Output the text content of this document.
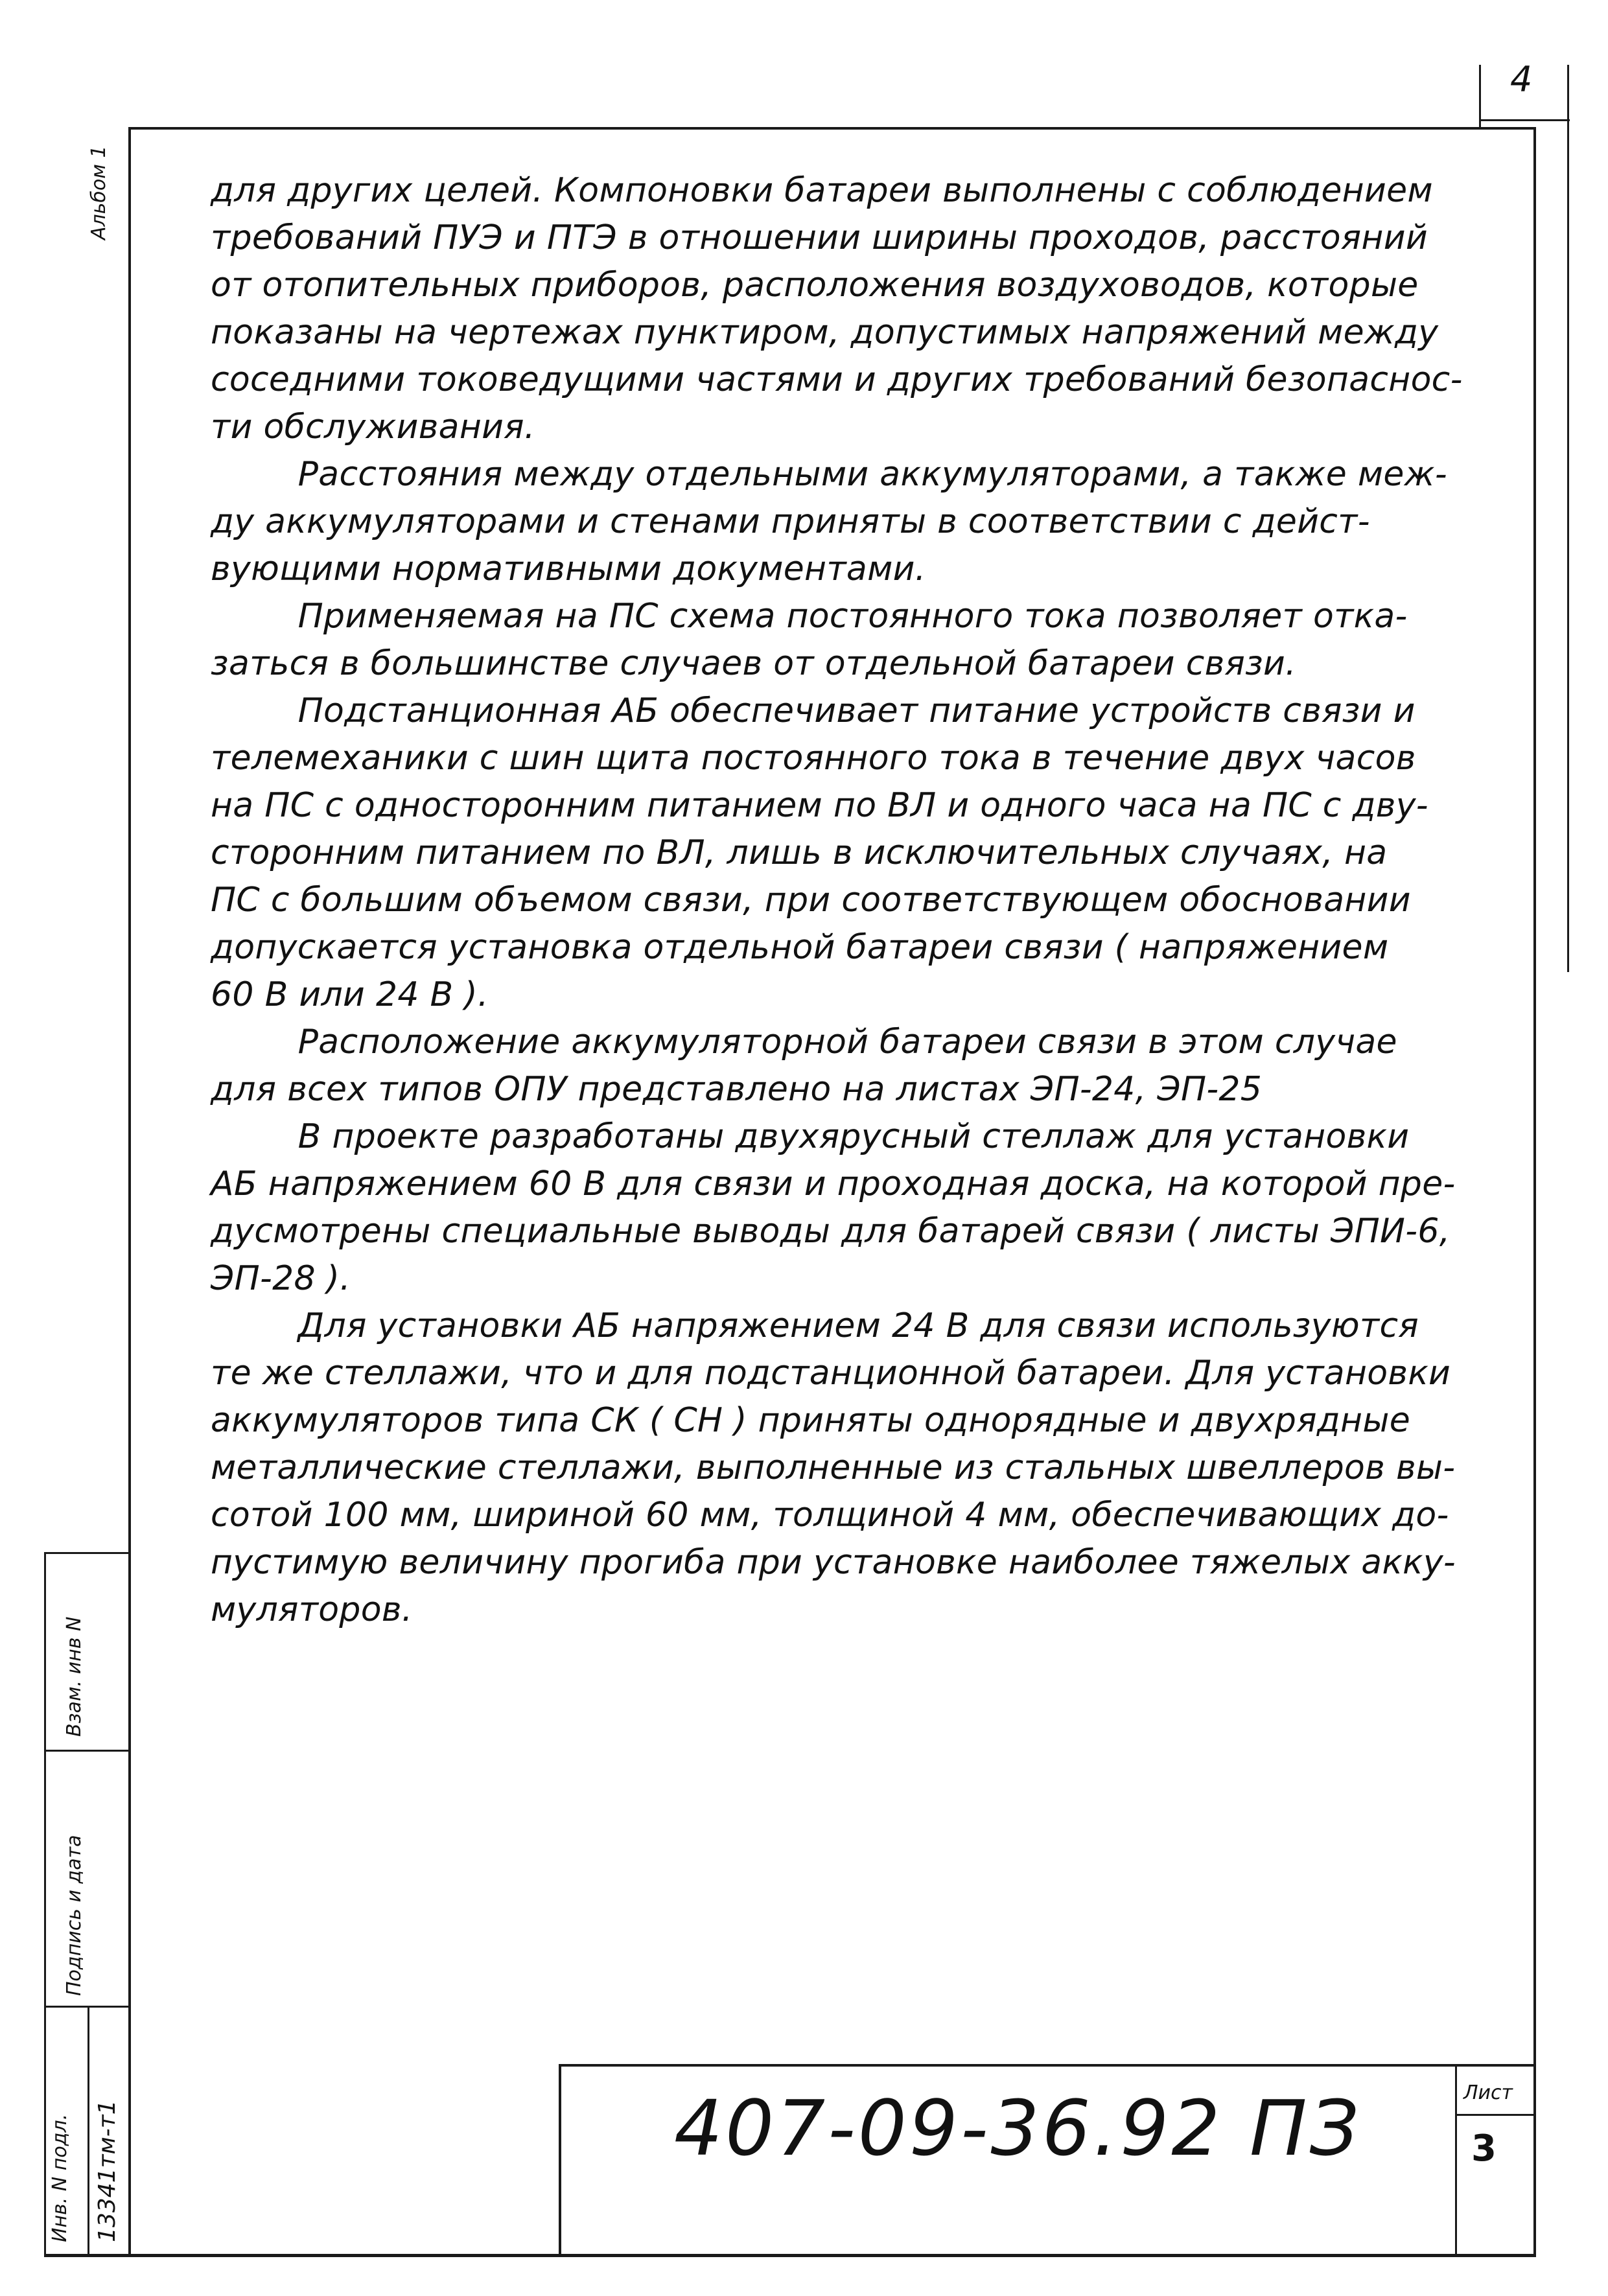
4
Альбом 1	для других целей. Компоновки батареи выполнены с соблюдением
требований ПУЭ и ПТЭ в отношении ширины проходов, расстояний
от отопительных приборов, расположения воздуховодов, которые
показаны на чертежах пунктиром, допустимых напряжений между
соседними токоведущими частями и других требований безопаснос-
ти обслуживания.
Расстояния между отдельными аккумуляторами, а также меж-
ду аккумуляторами и стенами приняты в соответствии с дейст-
вующими нормативными документами.
Применяемая на ПС схема постоянного тока позволяет отка-
заться в большинстве случаев от отдельной батареи связи.
Подстанционная АБ обеспечивает питание устройств связи и
телемеханики с шин щита постоянного тока в течение двух часов
на ПС с односторонним питанием по ВЛ и одного часа на ПС с дву-
сторонним питанием по ВЛ, лишь в исключительных случаях, на
ПС с большим объемом связи, при соответствующем обосновании
допускается установка отдельной батареи связи ( напряжением
60 В или 24 В ).
Расположение аккумуляторной батареи связи в этом случае
для всех типов ОПУ представлено на листах ЭП-24, ЭП-25
В проекте разработаны двухярусный стеллаж для установки
АБ напряжением 60 В для связи и проходная доска, на которой пре-
дусмотрены специальные выводы для батарей связи ( листы ЭПИ-6,
ЭП-28 ).
Для установки АБ напряжением 24 В для связи используются
те же стеллажи, что и для подстанционной батареи. Для установки
аккумуляторов типа СК ( СН ) приняты однорядные и двухрядные
металлические стеллажи, выполненные из стальных швеллеров вы-
сотой 100 мм, шириной 60 мм, толщиной 4 мм, обеспечивающих до-
пустимую величину прогиба при установке наиболее тяжелых акку-
муляторов.
Инв. N подл. 13341тм-т1
Подпись и дата
Взам. инв N
407-09-36.92 ПЗ	Лист
3
